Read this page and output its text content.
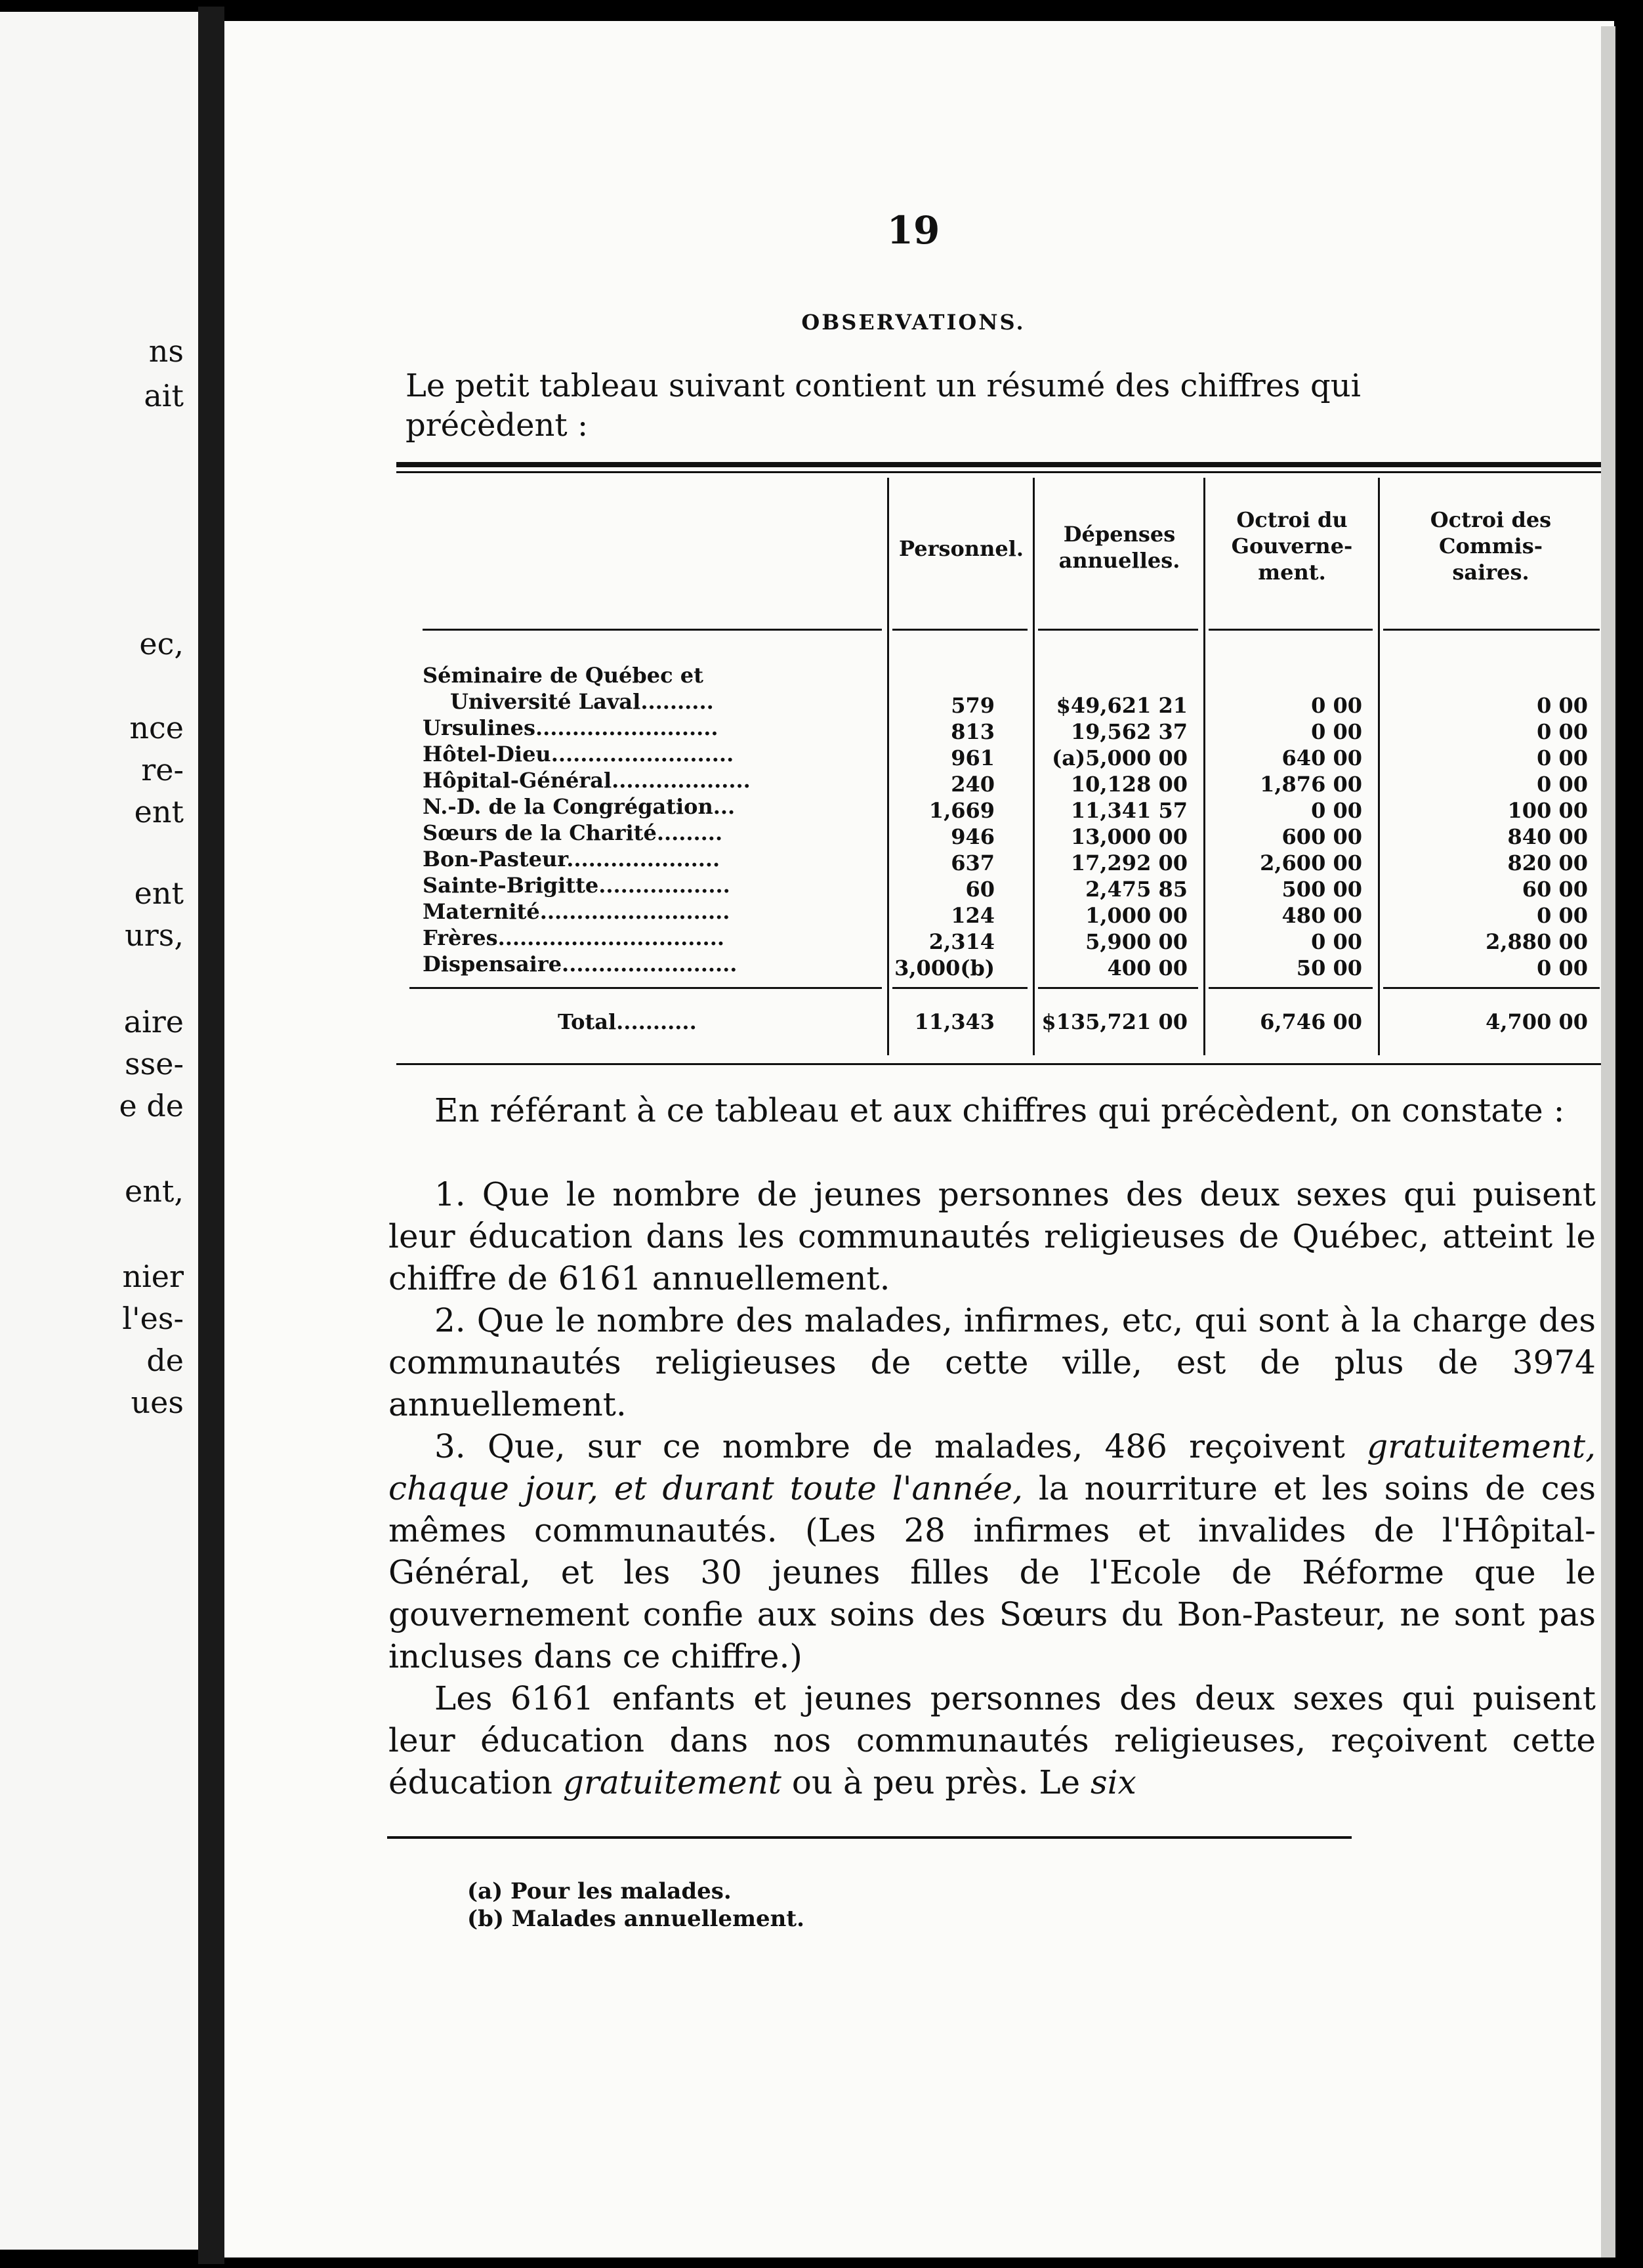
ns
ait
ec,
nce
re-
ent
ent
urs,
aire
sse-
e de
ent,
nier
l'es-
de
ues
19
OBSERVATIONS.
Le petit tableau suivant contient un résumé des chiffres qui
précèdent :
Personnel.
Dépenses
annuelles.
Octroi du
Gouverne-
ment.
Octroi des
Commis-
saires.
Séminaire de Québec et
Université Laval..........	579	$49,621 21	0 00	0 00
Ursulines.........................	813	19,562 37	0 00	0 00
Hôtel-Dieu.........................	961	(a)5,000 00	640 00	0 00
Hôpital-Général...................	240	10,128 00	1,876 00	0 00
N.-D. de la Congrégation...	1,669	11,341 57	0 00	100 00
Sœurs de la Charité.........	946	13,000 00	600 00	840 00
Bon-Pasteur.....................	637	17,292 00	2,600 00	820 00
Sainte-Brigitte..................	60	2,475 85	500 00	60 00
Maternité..........................	124	1,000 00	480 00	0 00
Frères...............................	2,314	5,900 00	0 00	2,880 00
Dispensaire........................	3,000(b)	400 00	50 00	0 00
Total...........	11,343 $135,721 00	6,746 00	4,700 00
En référant à ce tableau et aux chiffres qui précèdent, on constate :
1. Que le nombre de jeunes personnes des deux sexes qui puisent leur éducation dans les communautés religieuses de Québec, atteint le chiffre de 6161 annuellement.
2. Que le nombre des malades, infirmes, etc, qui sont à la charge des communautés religieuses de cette ville, est de plus de 3974 annuellement.
3. Que, sur ce nombre de malades, 486 reçoivent gratuitement, chaque jour, et durant toute l'année, la nourriture et les soins de ces mêmes communautés. (Les 28 infirmes et invalides de l'Hôpital-Général, et les 30 jeunes filles de l'Ecole de Réforme que le gouvernement confie aux soins des Sœurs du Bon-Pasteur, ne sont pas incluses dans ce chiffre.)
Les 6161 enfants et jeunes personnes des deux sexes qui puisent leur éducation dans nos communautés religieuses, reçoivent cette éducation gratuitement ou à peu près. Le six
(a) Pour les malades.
(b) Malades annuellement.
